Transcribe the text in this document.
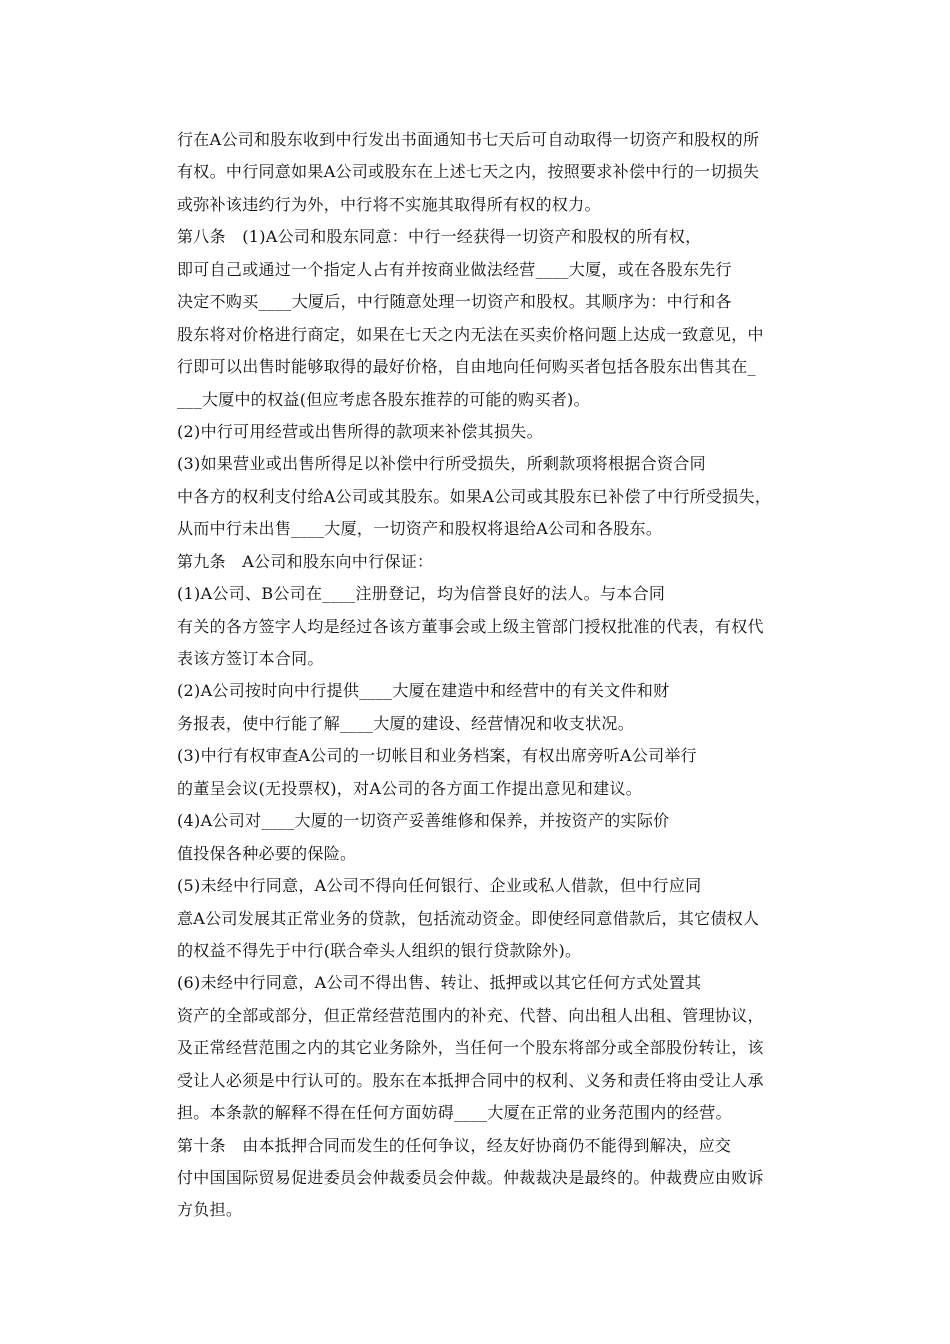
行在A公司和股东收到中行发出书面通知书七天后可自动取得一切资产和股权的所
有权。中行同意如果A公司或股东在上述七天之内，按照要求补偿中行的一切损失
或弥补该违约行为外，中行将不实施其取得所有权的权力。
第八条　(1)A公司和股东同意：中行一经获得一切资产和股权的所有权，
即可自己或通过一个指定人占有并按商业做法经营____大厦，或在各股东先行
决定不购买____大厦后，中行随意处理一切资产和股权。其顺序为：中行和各
股东将对价格进行商定，如果在七天之内无法在买卖价格问题上达成一致意见，中
行即可以出售时能够取得的最好价格，自由地向任何购买者包括各股东出售其在_
___大厦中的权益(但应考虑各股东推荐的可能的购买者)。
(2)中行可用经营或出售所得的款项来补偿其损失。
(3)如果营业或出售所得足以补偿中行所受损失，所剩款项将根据合资合同
中各方的权利支付给A公司或其股东。如果A公司或其股东已补偿了中行所受损失，
从而中行未出售____大厦，一切资产和股权将退给A公司和各股东。
第九条　A公司和股东向中行保证：
(1)A公司、B公司在____注册登记，均为信誉良好的法人。与本合同
有关的各方签字人均是经过各该方董事会或上级主管部门授权批准的代表，有权代
表该方签订本合同。
(2)A公司按时向中行提供____大厦在建造中和经营中的有关文件和财
务报表，使中行能了解____大厦的建设、经营情况和收支状况。
(3)中行有权审查A公司的一切帐目和业务档案，有权出席旁听A公司举行
的董呈会议(无投票权)，对A公司的各方面工作提出意见和建议。
(4)A公司对____大厦的一切资产妥善维修和保养，并按资产的实际价
值投保各种必要的保险。
(5)未经中行同意，A公司不得向任何银行、企业或私人借款，但中行应同
意A公司发展其正常业务的贷款，包括流动资金。即使经同意借款后，其它债权人
的权益不得先于中行(联合牵头人组织的银行贷款除外)。
(6)未经中行同意，A公司不得出售、转让、抵押或以其它任何方式处置其
资产的全部或部分，但正常经营范围内的补充、代替、向出租人出租、管理协议，
及正常经营范围之内的其它业务除外，当任何一个股东将部分或全部股份转让，该
受让人必须是中行认可的。股东在本抵押合同中的权利、义务和责任将由受让人承
担。本条款的解释不得在任何方面妨碍____大厦在正常的业务范围内的经营。
第十条　由本抵押合同而发生的任何争议，经友好协商仍不能得到解决，应交
付中国国际贸易促进委员会仲裁委员会仲裁。仲裁裁决是最终的。仲裁费应由败诉
方负担。
